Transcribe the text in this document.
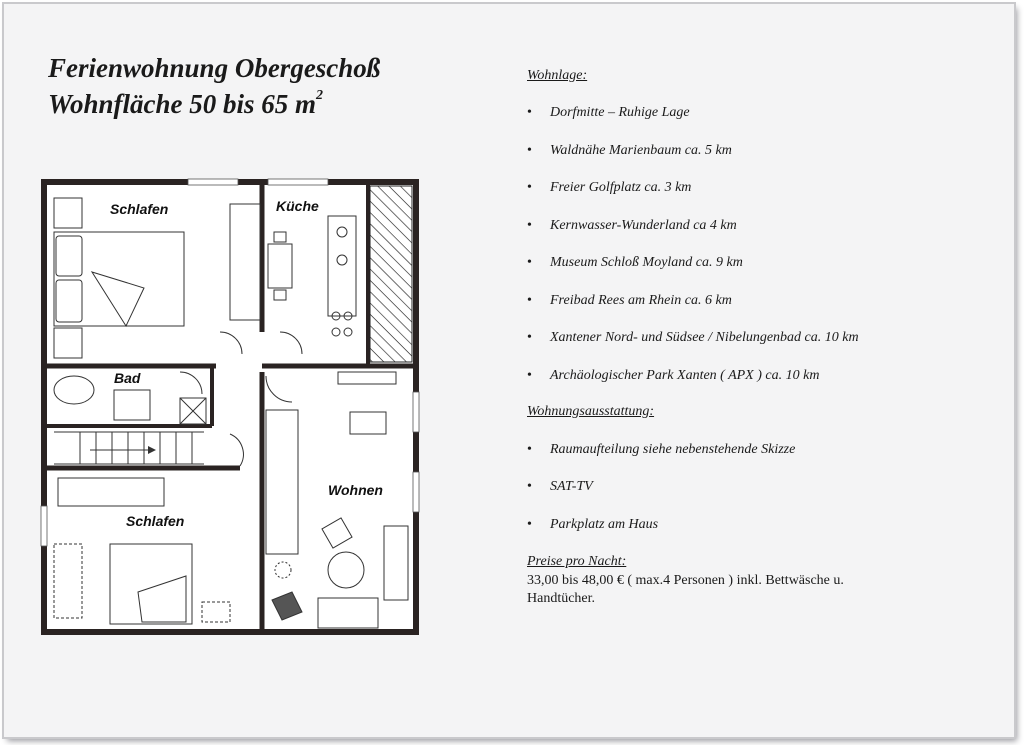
Ferienwohnung Obergeschoß
Wohnfläche 50 bis 65 $m^2$
Schlafen	Küche
Bad
Wohnen
Schlafen
Wohnlage:
• Dorfmitte – Ruhige Lage
• Waldnähe Marienbaum ca. 5 km
• Freier Golfplatz ca. 3 km
• Kernwasser-Wunderland ca 4 km
• Museum Schloß Moyland ca. 9 km
• Freibad Rees am Rhein ca. 6 km
• Xantener Nord- und Südsee / Nibelungenbad ca. 10 km
• Archäologischer Park Xanten ( APX ) ca. 10 km
Wohnungsausstattung:
• Raumaufteilung siehe nebenstehende Skizze
• SAT-TV
• Parkplatz am Haus
Preise pro Nacht:
33,00 bis 48,00 € ( max.4 Personen ) inkl. Bettwäsche u. Handtücher.
